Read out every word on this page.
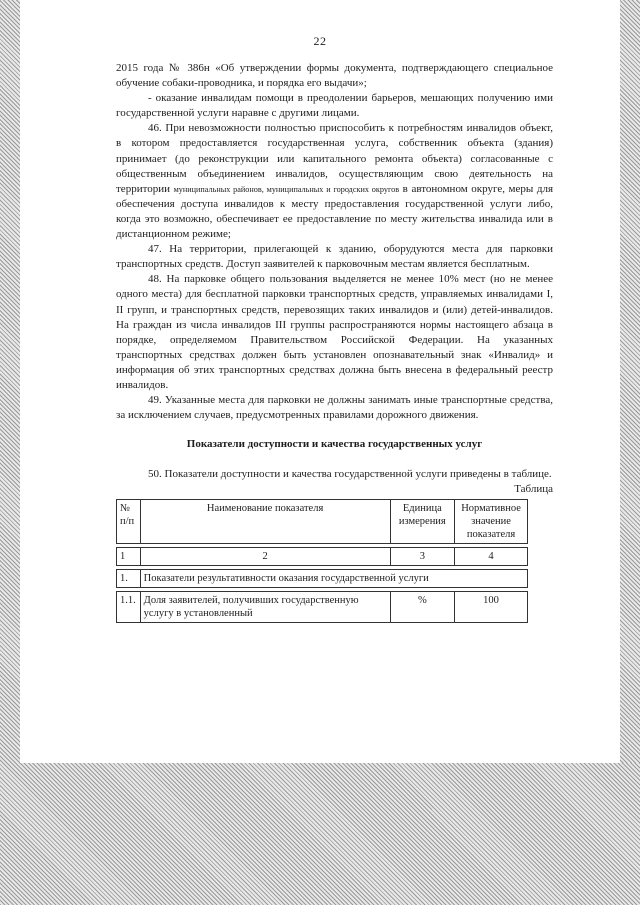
22

2015 года № 386н «Об утверждении формы документа, подтверждающего специальное обучение собаки-проводника, и порядка его выдачи»;

- оказание инвалидам помощи в преодолении барьеров, мешающих получению ими государственной услуги наравне с другими лицами.

46. При невозможности полностью приспособить к потребностям инвалидов объект, в котором предоставляется государственная услуга, собственник объекта (здания) принимает (до реконструкции или капитального ремонта объекта) согласованные с общественным объединением инвалидов, осуществляющим свою деятельность на территории муниципальных районов, муниципальных и городских округов в автономном округе, меры для обеспечения доступа инвалидов к месту предоставления государственной услуги либо, когда это возможно, обеспечивает ее предоставление по месту жительства инвалида или в дистанционном режиме;

47. На территории, прилегающей к зданию, оборудуются места для парковки транспортных средств. Доступ заявителей к парковочным местам является бесплатным.

48. На парковке общего пользования выделяется не менее 10% мест (но не менее одного места) для бесплатной парковки транспортных средств, управляемых инвалидами I, II групп, и транспортных средств, перевозящих таких инвалидов и (или) детей-инвалидов. На граждан из числа инвалидов III группы распространяются нормы настоящего абзаца в порядке, определяемом Правительством Российской Федерации. На указанных транспортных средствах должен быть установлен опознавательный знак «Инвалид» и информация об этих транспортных средствах должна быть внесена в федеральный реестр инвалидов.

49. Указанные места для парковки не должны занимать иные транспортные средства, за исключением случаев, предусмотренных правилами дорожного движения.

Показатели доступности и качества государственных услуг

50. Показатели доступности и качества государственной услуги приведены в таблице.

Таблица

№ п/п	Наименование показателя	Единица измерения	Нормативное значение показателя

1	2	3	4

1.	Показатели результативности оказания государственной услуги		

1.1.	Доля заявителей, получивших государственную услугу в установленный	%	100
